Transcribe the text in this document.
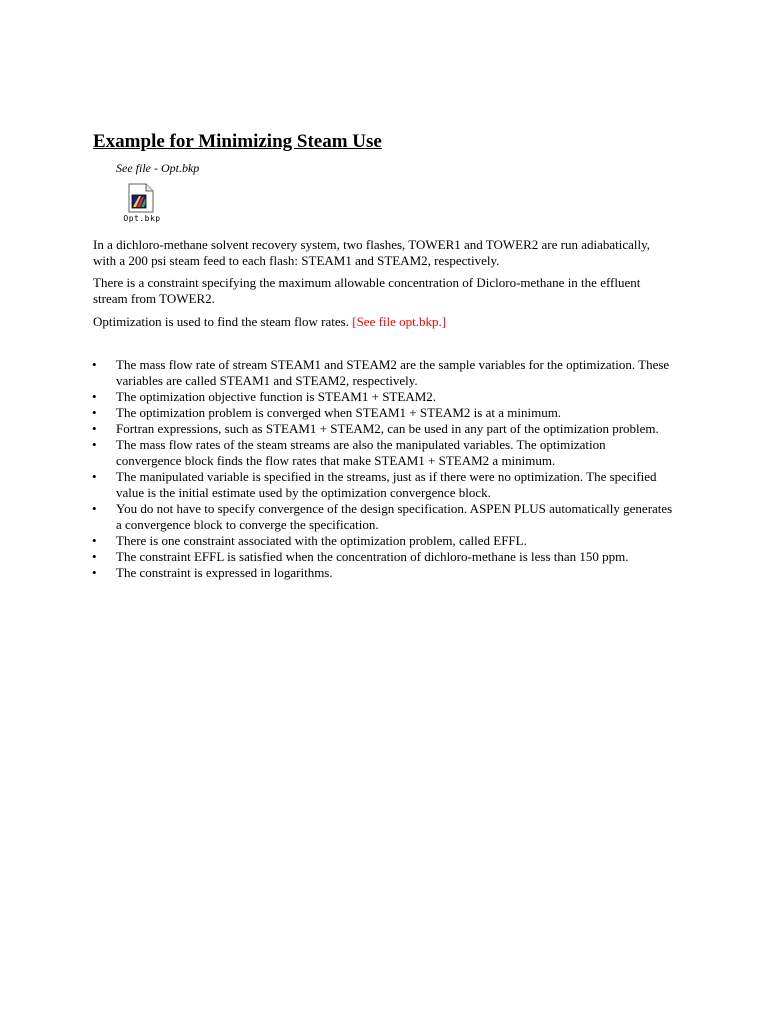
Example for Minimizing Steam Use
See file - Opt.bkp
Opt.bkp

In a dichloro-methane solvent recovery system, two flashes, TOWER1 and TOWER2 are run adiabatically, with a 200 psi steam feed to each flash: STEAM1 and STEAM2, respectively.

There is a constraint specifying the maximum allowable concentration of Dicloro-methane in the effluent stream from TOWER2.

Optimization is used to find the steam flow rates. [See file opt.bkp.]

• The mass flow rate of stream STEAM1 and STEAM2 are the sample variables for the optimization. These variables are called STEAM1 and STEAM2, respectively.
• The optimization objective function is STEAM1 + STEAM2.
• The optimization problem is converged when STEAM1 + STEAM2 is at a minimum.
• Fortran expressions, such as STEAM1 + STEAM2, can be used in any part of the optimization problem.
• The mass flow rates of the steam streams are also the manipulated variables. The optimization convergence block finds the flow rates that make STEAM1 + STEAM2 a minimum.
• The manipulated variable is specified in the streams, just as if there were no optimization. The specified value is the initial estimate used by the optimization convergence block.
• You do not have to specify convergence of the design specification. ASPEN PLUS automatically generates a convergence block to converge the specification.
• There is one constraint associated with the optimization problem, called EFFL.
• The constraint EFFL is satisfied when the concentration of dichloro-methane is less than 150 ppm.
• The constraint is expressed in logarithms.
